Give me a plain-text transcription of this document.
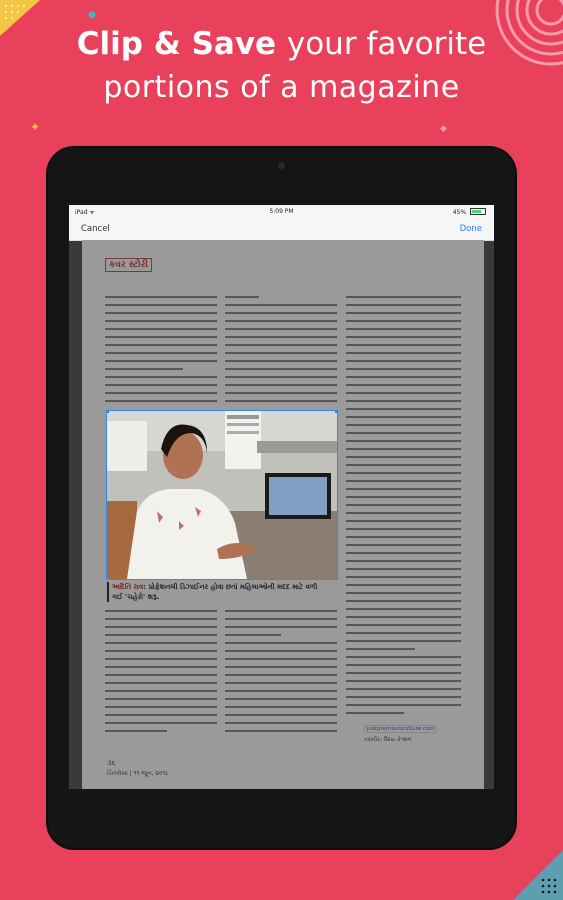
✦	◆
●
Clip & Save your favorite
portions of a magazine
iPad ᯤ	5:09 PM	45%
Cancel	Done
કવર સ્ટોરી
અદિતિ રાવ: પ્રોફેશનલી ડિઝાઈનર હોવા છતાં મહિલાઓની મદદ માટે વળી
ગઈ 'ચહેરો' શરૂ.
justpremiumculture.com
તસવીર: ઉદય કેપ્શન
૩૬
ચિત્રલેખા | ૧૧ જૂન, ૨૦૧૮
